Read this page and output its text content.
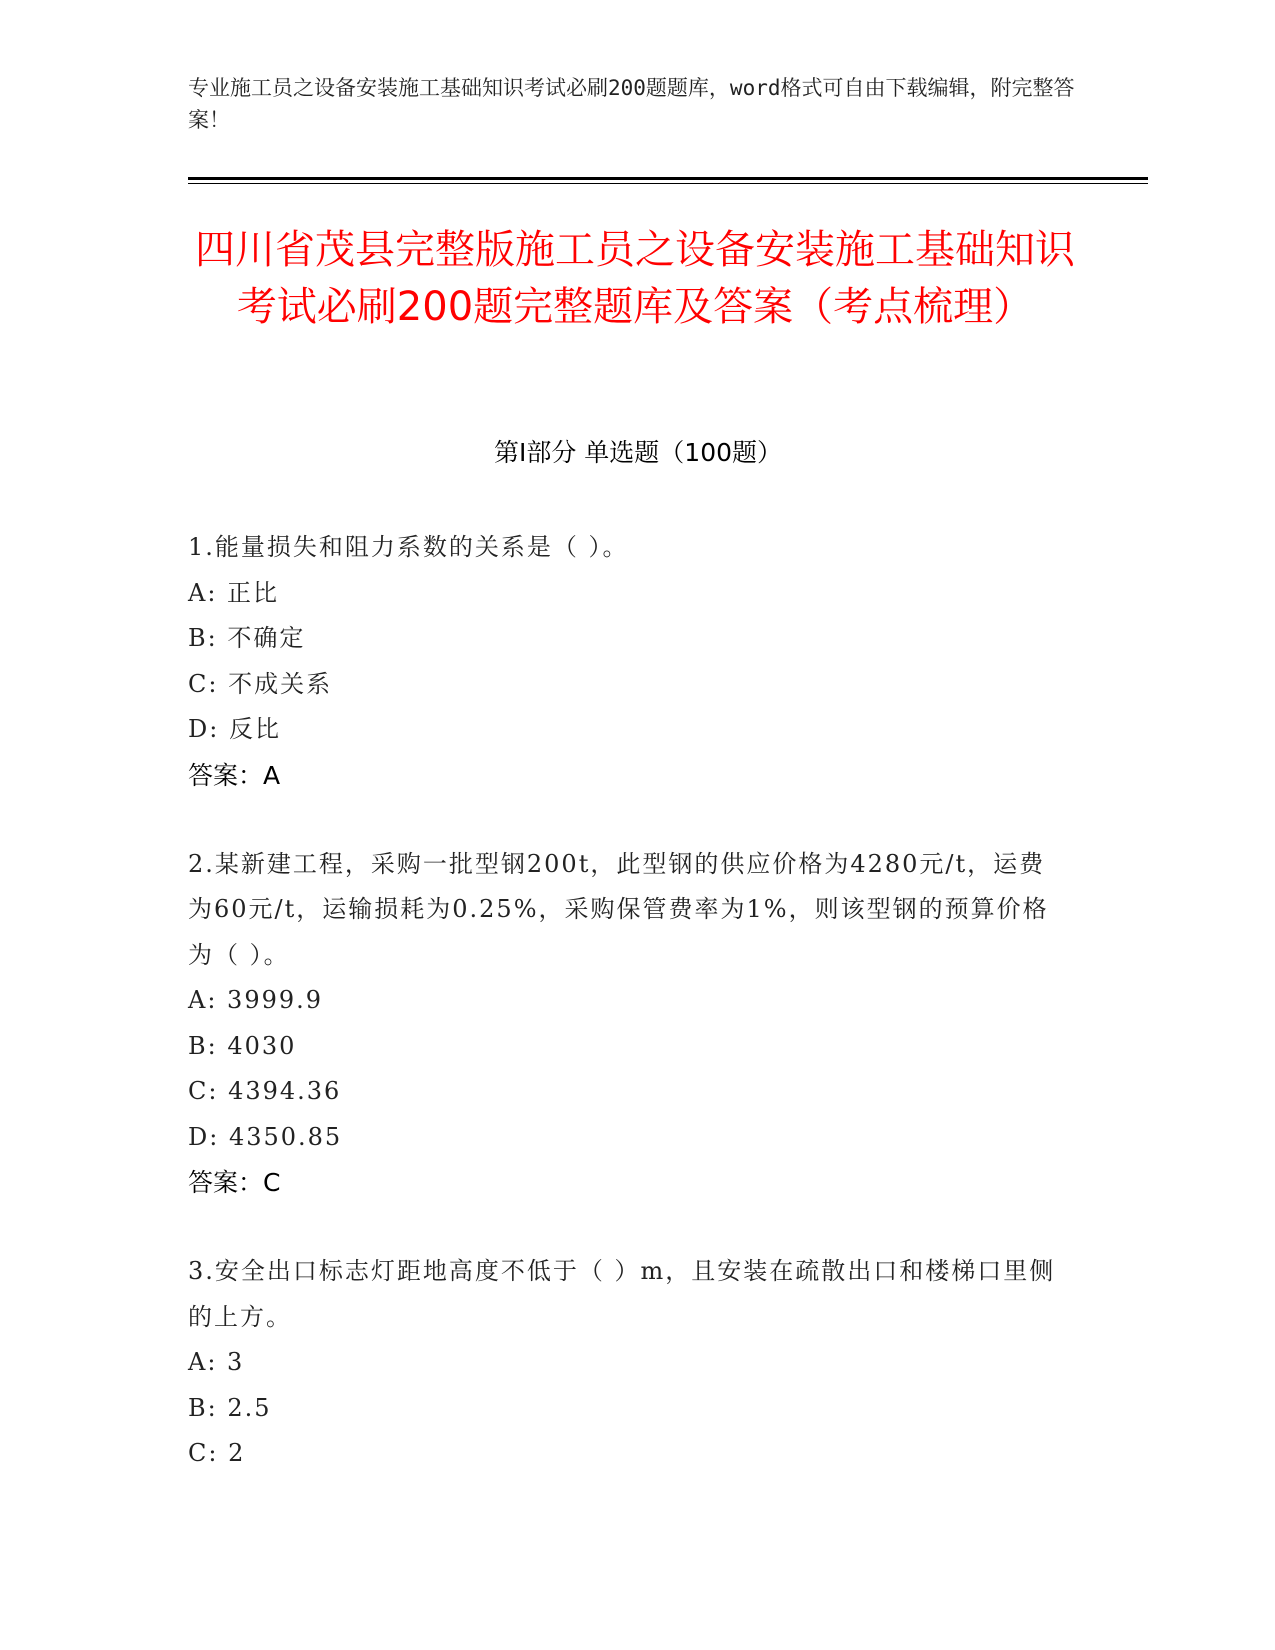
专业施工员之设备安装施工基础知识考试必刷200题题库，word格式可自由下载编辑，附完整答案！
四川省茂县完整版施工员之设备安装施工基础知识考试必刷200题完整题库及答案（考点梳理）
第I部分 单选题（100题）
1.能量损失和阻力系数的关系是（ ）。
A: 正比
B: 不确定
C: 不成关系
D: 反比
答案：A
2.某新建工程，采购一批型钢200t，此型钢的供应价格为4280元/t，运费为60元/t，运输损耗为0.25%，采购保管费率为1%，则该型钢的预算价格为（ ）。
A: 3999.9
B: 4030
C: 4394.36
D: 4350.85
答案：C
3.安全出口标志灯距地高度不低于（ ）m，且安装在疏散出口和楼梯口里侧的上方。
A: 3
B: 2.5
C: 2
